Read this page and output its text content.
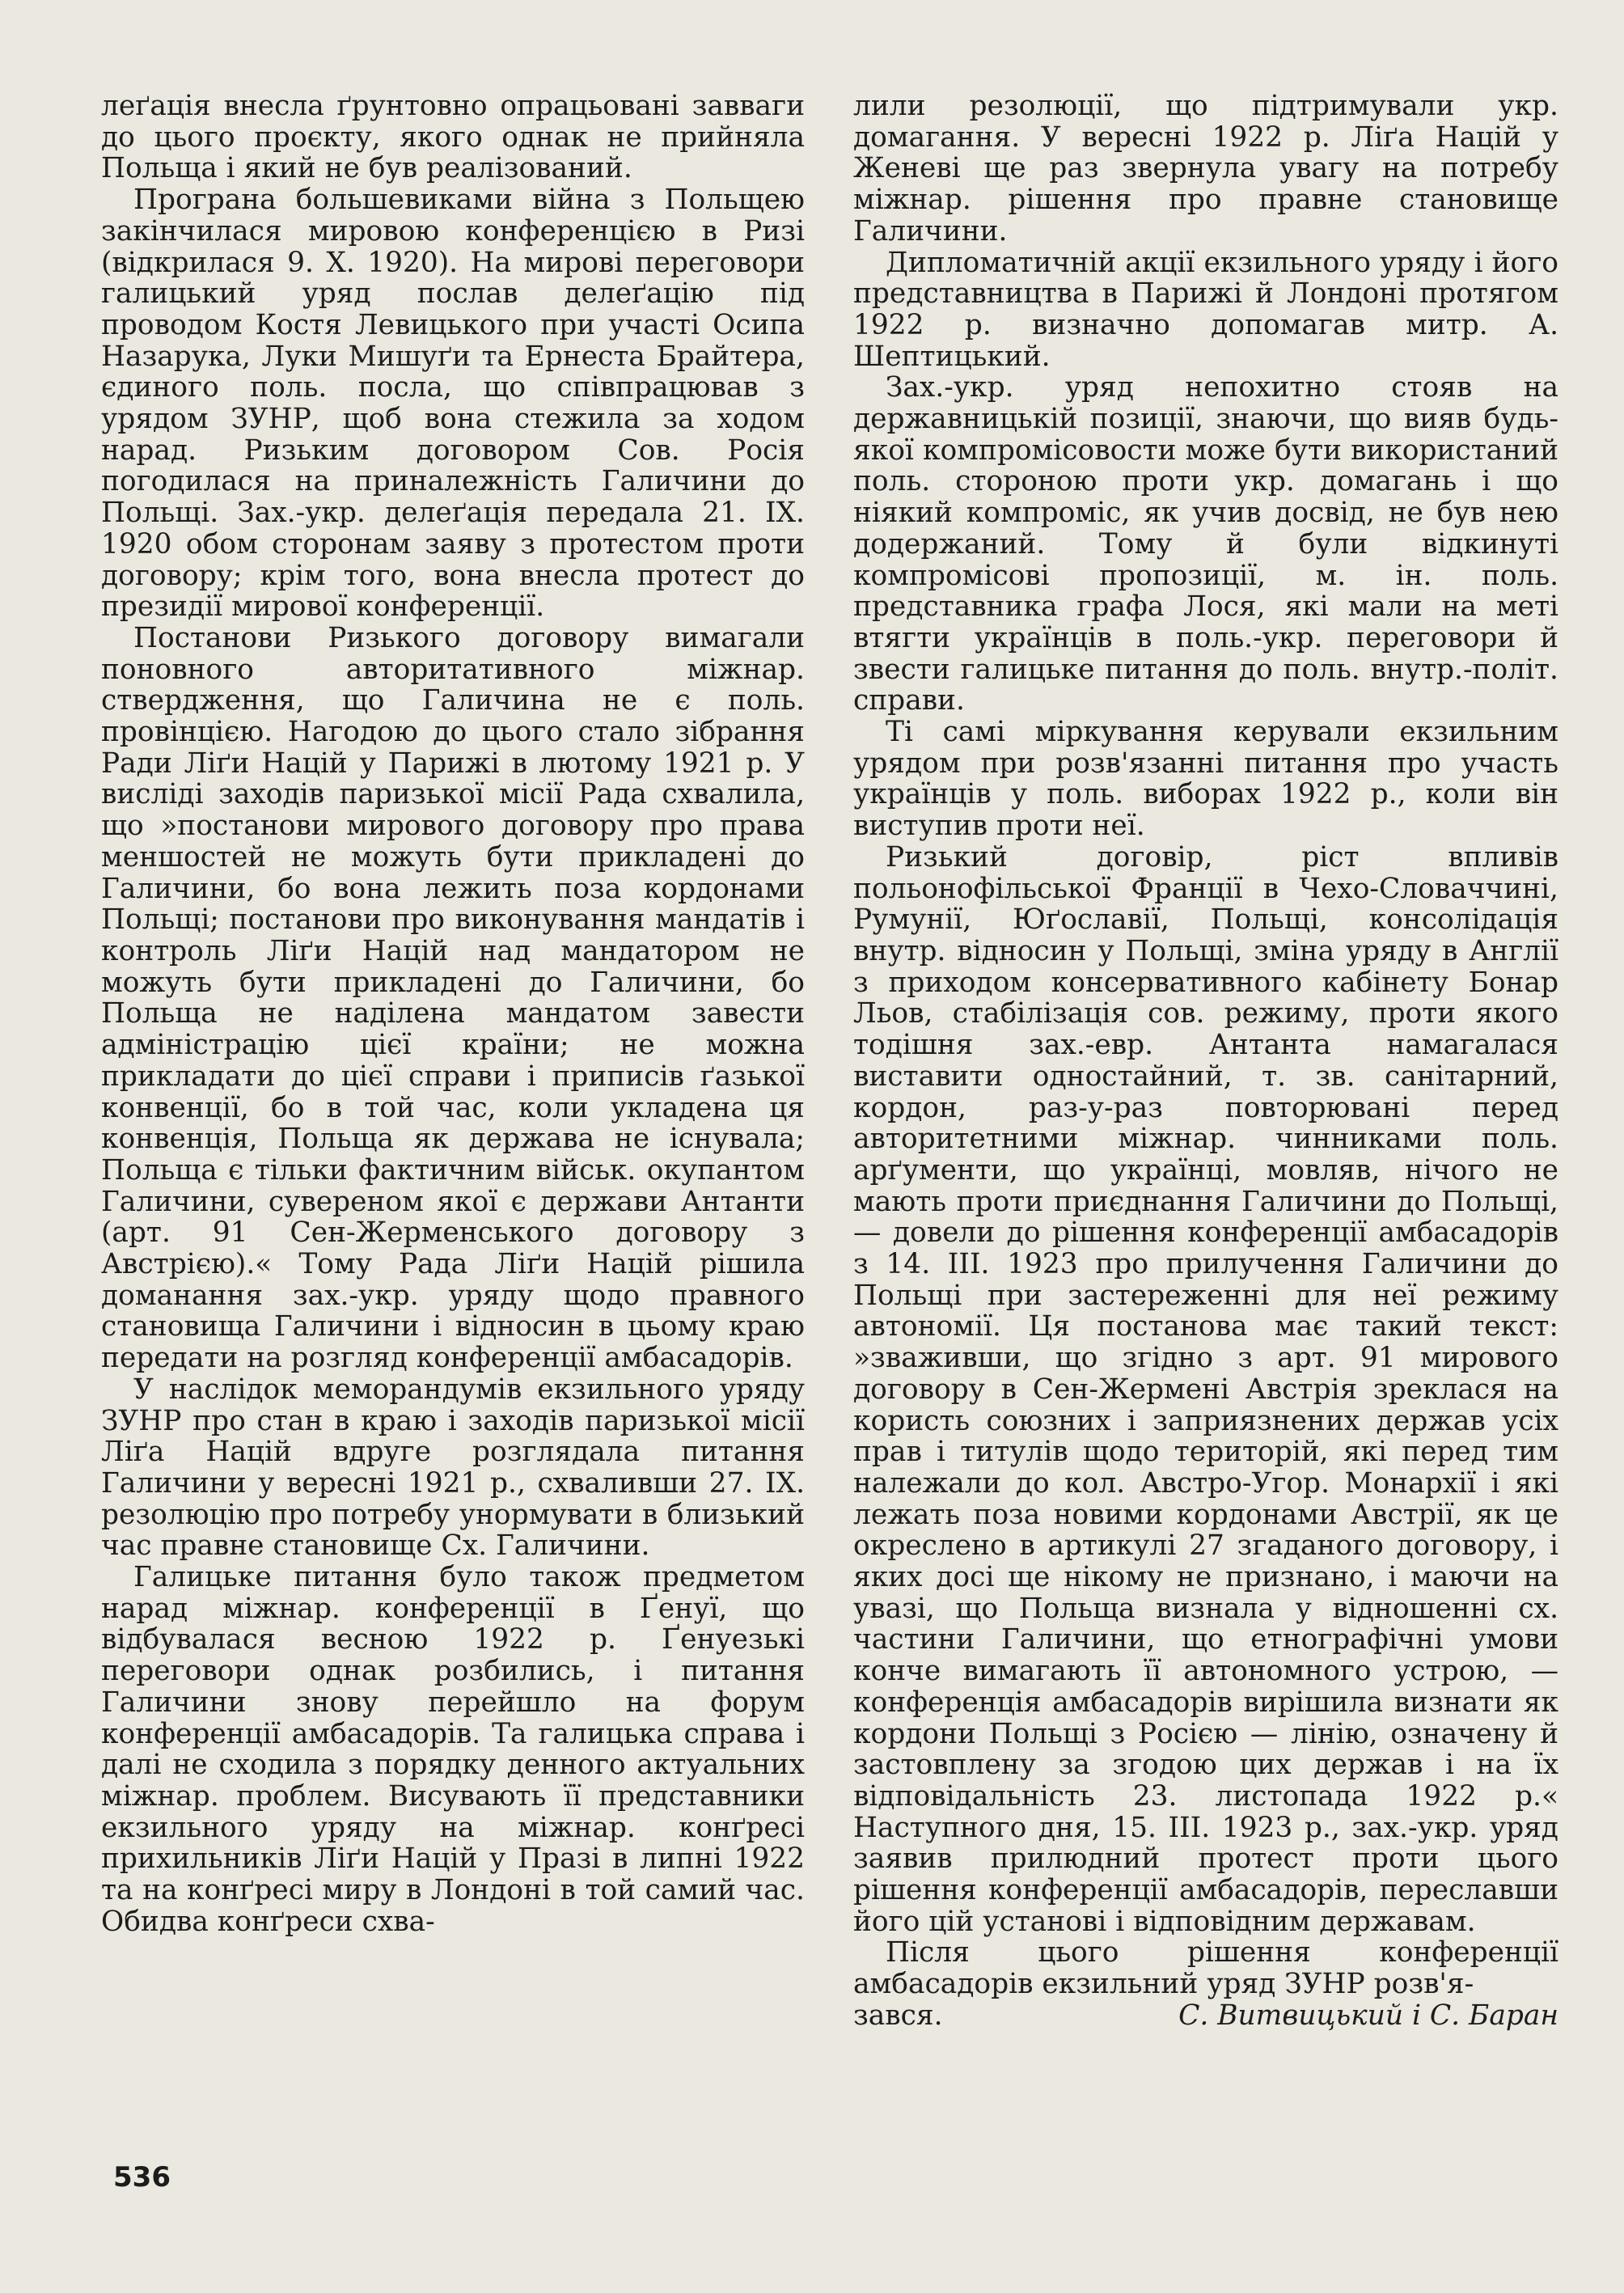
леґація внесла ґрунтовно опрацьовані завваги до цього проєкту, якого однак не прийняла Польща і який не був реалізований.

Програна большевиками війна з Польщею закінчилася мировою конференцією в Ризі (відкрилася 9. X. 1920). На мирові переговори галицький уряд послав делеґацію під проводом Костя Левицького при участі Осипа Назарука, Луки Мишуґи та Ернеста Брайтера, єдиного поль. посла, що співпрацював з урядом ЗУНР, щоб вона стежила за ходом нарад. Ризьким договором Сов. Росія погодилася на приналежність Галичини до Польщі. Зах.-укр. делеґація передала 21. IX. 1920 обом сторонам заяву з протестом проти договору; крім того, вона внесла протест до президії мирової конференції.

Постанови Ризького договору вимагали поновного авторитативного міжнар. ствердження, що Галичина не є поль. провінцією. Нагодою до цього стало зібрання Ради Ліґи Націй у Парижі в лютому 1921 р. У висліді заходів паризької місії Рада схвалила, що »постанови мирового договору про права меншостей не можуть бути прикладені до Галичини, бо вона лежить поза кордонами Польщі; постанови про виконування мандатів і контроль Ліґи Націй над мандатором не можуть бути прикладені до Галичини, бо Польща не наділена мандатом завести адміністрацію цієї країни; не можна прикладати до цієї справи і приписів ґазької конвенції, бо в той час, коли укладена ця конвенція, Польща як держава не існувала; Польща є тільки фактичним військ. окупантом Галичини, сувереном якої є держави Антанти (арт. 91 Сен-Жерменського договору з Австрією).« Тому Рада Ліґи Націй рішила доманання зах.-укр. уряду щодо правного становища Галичини і відносин в цьому краю передати на розгляд конференції амбасадорів.

У наслідок меморандумів екзильного уряду ЗУНР про стан в краю і заходів паризької місії Ліґа Націй вдруге розглядала питання Галичини у вересні 1921 р., схваливши 27. IX. резолюцію про потребу унормувати в близький час правне становище Сх. Галичини.

Галицьке питання було також предметом нарад міжнар. конференції в Ґенуї, що відбувалася весною 1922 р. Ґенуезькі переговори однак розбились, і питання Галичини знову перейшло на форум конференції амбасадорів. Та галицька справа і далі не сходила з порядку денного актуальних міжнар. проблем. Висувають її представники екзильного уряду на міжнар. конґресі прихильників Ліґи Націй у Празі в липні 1922 та на конґресі миру в Лондоні в той самий час. Обидва конґреси схва-

лили резолюції, що підтримували укр. домагання. У вересні 1922 р. Ліґа Націй у Женеві ще раз звернула увагу на потребу міжнар. рішення про правне становище Галичини.

Дипломатичній акції екзильного уряду і його представництва в Парижі й Лондоні протягом 1922 р. визначно допомагав митр. А. Шептицький.

Зах.-укр. уряд непохитно стояв на державницькій позиції, знаючи, що вияв будь-якої компромісовости може бути використаний поль. стороною проти укр. домагань і що ніякий компроміс, як учив досвід, не був нею додержаний. Тому й були відкинуті компромісові пропозиції, м. ін. поль. представника графа Лося, які мали на меті втягти українців в поль.-укр. переговори й звести галицьке питання до поль. внутр.-політ. справи.

Ті самі міркування керували екзильним урядом при розв'язанні питання про участь українців у поль. виборах 1922 р., коли він виступив проти неї.

Ризький договір, ріст впливів польонофільської Франції в Чехо-Словаччині, Румунії, Юґославії, Польщі, консолідація внутр. відносин у Польщі, зміна уряду в Англії з приходом консервативного кабінету Бонар Льов, стабілізація сов. режиму, проти якого тодішня зах.-евр. Антанта намагалася виставити одностайний, т. зв. санітарний, кордон, раз-у-раз повторювані перед авторитетними міжнар. чинниками поль. арґументи, що українці, мовляв, нічого не мають проти приєднання Галичини до Польщі, — довели до рішення конференції амбасадорів з 14. III. 1923 про прилучення Галичини до Польщі при застереженні для неї режиму автономії. Ця постанова має такий текст: »зваживши, що згідно з арт. 91 мирового договору в Сен-Жермені Австрія зреклася на користь союзних і заприязнених держав усіх прав і титулів щодо територій, які перед тим належали до кол. Австро-Угор. Монархії і які лежать поза новими кордонами Австрії, як це окреслено в артикулі 27 згаданого договору, і яких досі ще нікому не признано, і маючи на увазі, що Польща визнала у відношенні сх. частини Галичини, що етнографічні умови конче вимагають її автономного устрою, — конференція амбасадорів вирішила визнати як кордони Польщі з Росією — лінію, означену й застовплену за згодою цих держав і на їх відповідальність 23. листопада 1922 р.« Наступного дня, 15. III. 1923 р., зах.-укр. уряд заявив прилюдний протест проти цього рішення конференції амбасадорів, переславши його цій установі і відповідним державам.

Після цього рішення конференції амбасадорів екзильний уряд ЗУНР розв'я-

зався.	С. Витвицький і С. Баран
536
